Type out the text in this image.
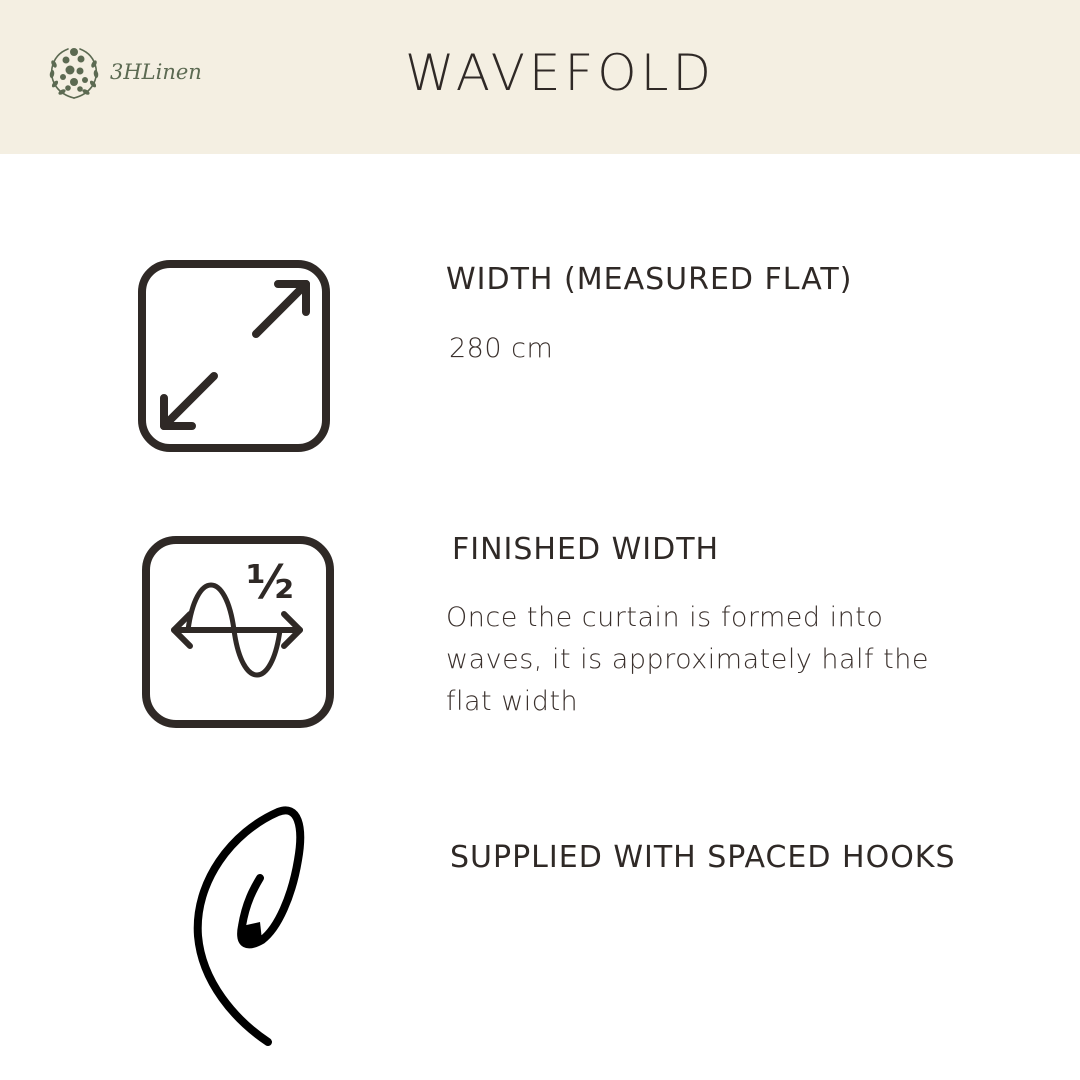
3HLinen	WAVEFOLD
WIDTH (MEASURED FLAT)
280 cm
½
FINISHED WIDTH
Once the curtain is formed into waves, it is approximately half the flat width
SUPPLIED WITH SPACED HOOKS
